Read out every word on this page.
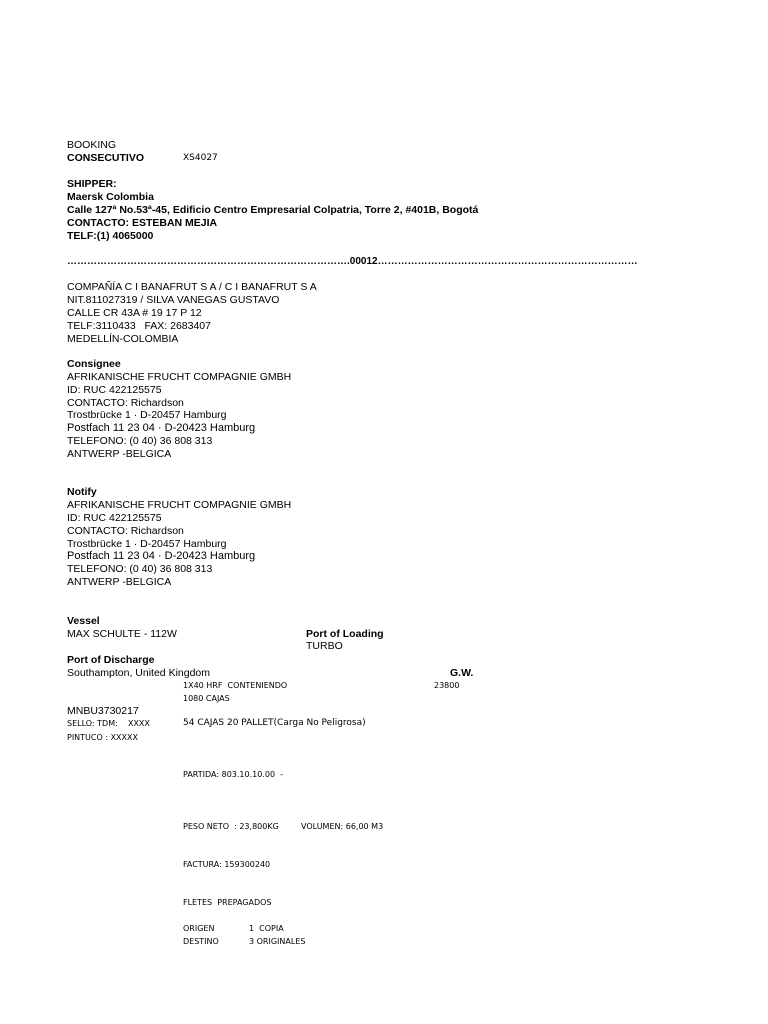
BOOKING
CONSECUTIVO	XS4027
SHIPPER:
Maersk Colombia
Calle 127ª No.53ª-45, Edificio Centro Empresarial Colpatria, Torre 2, #401B, Bogotá
CONTACTO: ESTEBAN MEJIA
TELF:(1) 4065000
………………………………………………………………………….00012……………………………………………………………………
COMPAÑÍA C I BANAFRUT S A / C I BANAFRUT S A
NIT.811027319 / SILVA VANEGAS GUSTAVO
CALLE CR 43A # 19 17 P 12
TELF:3110433   FAX: 2683407
MEDELLÍN-COLOMBIA
Consignee
AFRIKANISCHE FRUCHT COMPAGNIE GMBH
ID: RUC 422125575
CONTACTO: Richardson
Trostbrücke 1 · D-20457 Hamburg
Postfach 11 23 04 · D-20423 Hamburg
TELEFONO: (0 40) 36 808 313
ANTWERP -BELGICA
Notify
AFRIKANISCHE FRUCHT COMPAGNIE GMBH
ID: RUC 422125575
CONTACTO: Richardson
Trostbrücke 1 · D-20457 Hamburg
Postfach 11 23 04 · D-20423 Hamburg
TELEFONO: (0 40) 36 808 313
ANTWERP -BELGICA
Vessel
MAX SCHULTE - 112W	Port of Loading
TURBO
Port of Discharge
Southampton, United Kingdom	G.W.
1X40 HRF  CONTENIENDO	23800
1080 CAJAS
MNBU3730217
SELLO: TDM:    XXXX	54 CAJAS 20 PALLET(Carga No Peligrosa)
PINTUCO : XXXXX
PARTIDA: 803.10.10.00  -
PESO NETO  : 23,800KG	VOLUMEN: 66,00 M3
FACTURA: 159300240
FLETES  PREPAGADOS
ORIGEN	1  COPIA
DESTINO	3 ORIGINALES
